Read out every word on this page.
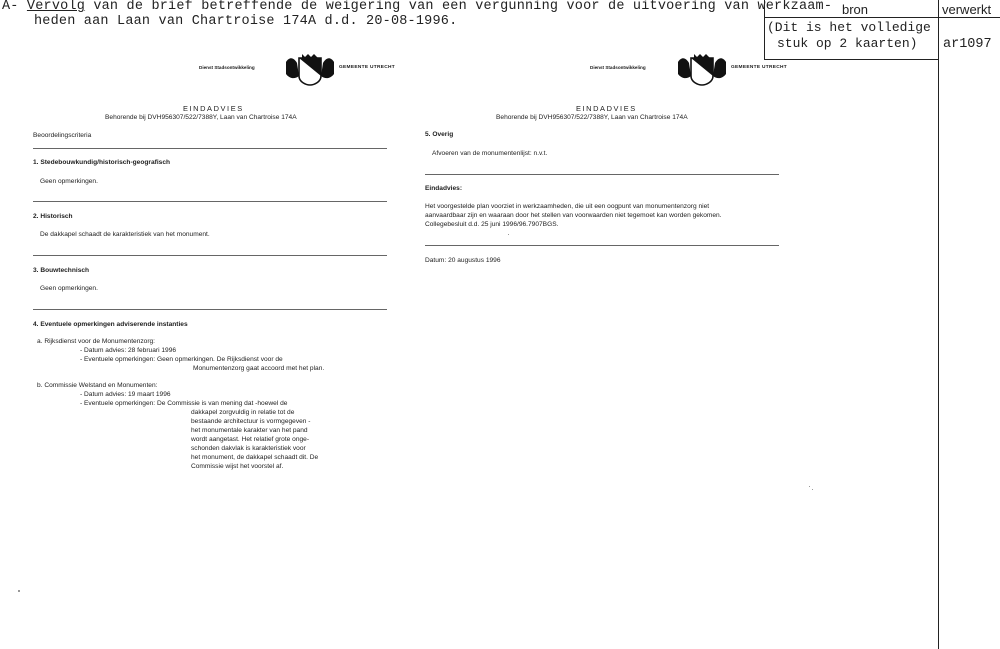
bron	verwerkt
(Dit is het volledige
stuk op 2 kaarten) ar1097
A- Vervolg van de brief betreffende de weigering van een vergunning voor de uitvoering van werkzaam-
heden aan Laan van Chartroise 174A d.d. 20-08-1996.
Dienst Stadsontwikkeling	GEMEENTE UTRECHT	Dienst Stadsontwikkeling	GEMEENTE UTRECHT
EINDADVIES
Behorende bij DVH956307/522/7388Y, Laan van Chartroise 174A
Beoordelingscriteria
1. Stedebouwkundig/historisch-geografisch
Geen opmerkingen.
2. Historisch
De dakkapel schaadt de karakteristiek van het monument.
3. Bouwtechnisch
Geen opmerkingen.
4. Eventuele opmerkingen adviserende instanties
a. Rijksdienst voor de Monumentenzorg:
- Datum advies: 28 februari 1996
- Eventuele opmerkingen: Geen opmerkingen. De Rijksdienst voor de
Monumentenzorg gaat accoord met het plan.
b. Commissie Welstand en Monumenten:
- Datum advies: 19 maart 1996
- Eventuele opmerkingen: De Commissie is van mening dat -hoewel de
dakkapel zorgvuldig in relatie tot de
bestaande architectuur is vormgegeven -
het monumentale karakter van het pand
wordt aangetast. Het relatief grote onge-
schonden dakvlak is karakteristiek voor
het monument, de dakkapel schaadt dit. De
Commissie wijst het voorstel af.
EINDADVIES
Behorende bij DVH956307/522/7388Y, Laan van Chartroise 174A
5. Overig
Afvoeren van de monumentenlijst: n.v.t.
Eindadvies:
Het voorgestelde plan voorziet in werkzaamheden, die uit een oogpunt van monumentenzorg niet
aanvaardbaar zijn en waaraan door het stellen van voorwaarden niet tegemoet kan worden gekomen.
Collegebesluit d.d. 25 juni 1996/96.7907BGS.
Datum: 20 augustus 1996
